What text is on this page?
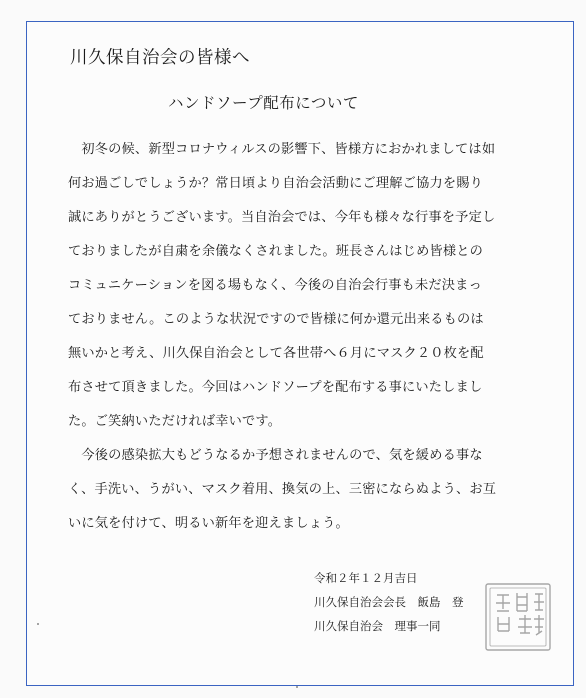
川久保自治会の皆様へ
ハンドソープ配布について
　初冬の候、新型コロナウィルスの影響下、皆様方におかれましては如
何お過ごしでしょうか？常日頃より自治会活動にご理解ご協力を賜り
誠にありがとうございます。当自治会では、今年も様々な行事を予定し
ておりましたが自粛を余儀なくされました。班長さんはじめ皆様との
コミュニケーションを図る場もなく、今後の自治会行事も未だ決まっ
ておりません。このような状況ですので皆様に何か還元出来るものは
無いかと考え、川久保自治会として各世帯へ６月にマスク２０枚を配
布させて頂きました。今回はハンドソープを配布する事にいたしまし
た。ご笑納いただければ幸いです。
　今後の感染拡大もどうなるか予想されませんので、気を緩める事な
く、手洗い、うがい、マスク着用、換気の上、三密にならぬよう、お互
いに気を付けて、明るい新年を迎えましょう。
令和２年１２月吉日
川久保自治会会長　飯島　登
川久保自治会　理事一同
